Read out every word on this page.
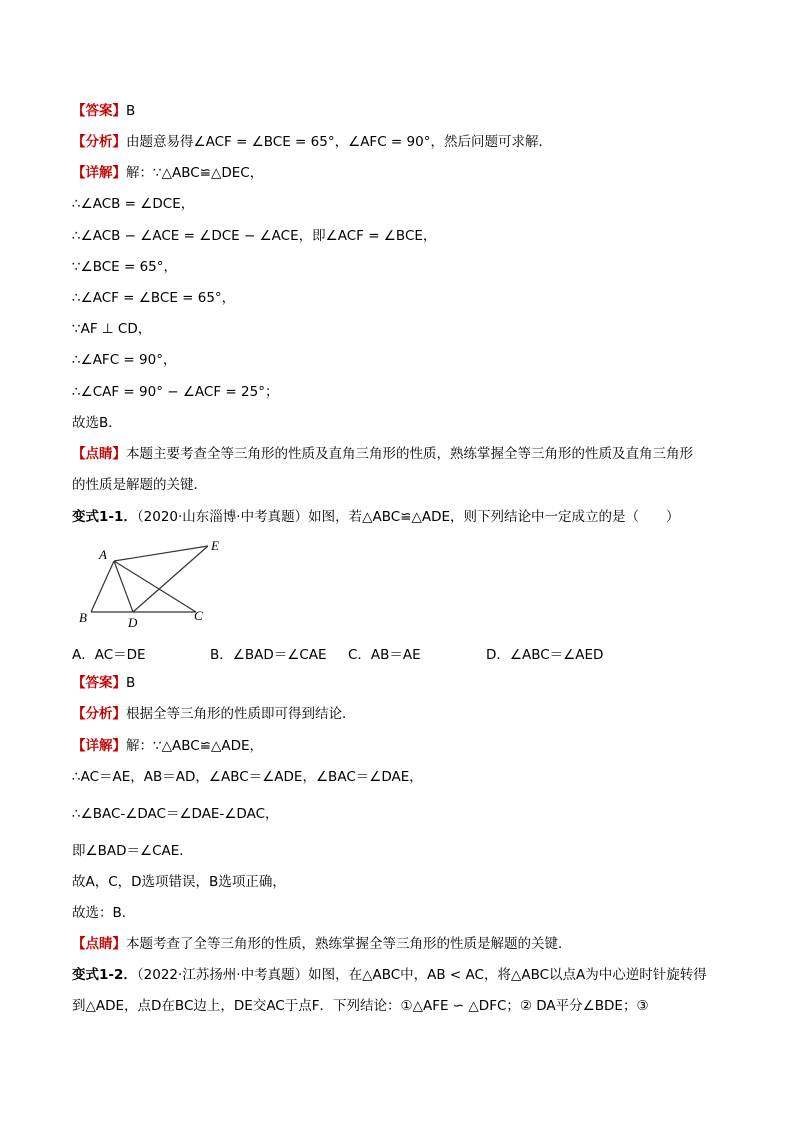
【答案】B
【分析】由题意易得∠ACF = ∠BCE = 65°，∠AFC = 90°，然后问题可求解．
【详解】解：∵△ABC≌△DEC，
∴∠ACB = ∠DCE，
∴∠ACB − ∠ACE = ∠DCE − ∠ACE，即∠ACF = ∠BCE，
∵∠BCE = 65°，
∴∠ACF = ∠BCE = 65°，
∵AF ⊥ CD，
∴∠AFC = 90°，
∴∠CAF = 90° − ∠ACF = 25°；
故选B．
【点睛】本题主要考查全等三角形的性质及直角三角形的性质，熟练掌握全等三角形的性质及直角三角形
的性质是解题的关键．
变式1-1．（2020·山东淄博·中考真题）如图，若△ABC≌△ADE，则下列结论中一定成立的是（　　）
A
B	C
D
E
A．AC＝DE	B．∠BAD＝∠CAE C．AB＝AE	D．∠ABC＝∠AED
【答案】B
【分析】根据全等三角形的性质即可得到结论．
【详解】解：∵△ABC≌△ADE，
∴AC＝AE，AB＝AD，∠ABC＝∠ADE，∠BAC＝∠DAE，
∴∠BAC-∠DAC＝∠DAE-∠DAC，
即∠BAD＝∠CAE．
故A，C，D选项错误，B选项正确，
故选：B．
【点睛】本题考查了全等三角形的性质，熟练掌握全等三角形的性质是解题的关键．
变式1-2．（2022·江苏扬州·中考真题）如图，在△ABC中，AB < AC，将△ABC以点A为中心逆时针旋转得
到△ADE，点D在BC边上，DE交AC于点F．下列结论：①△AFE ∽ △DFC；② DA平分∠BDE；③
